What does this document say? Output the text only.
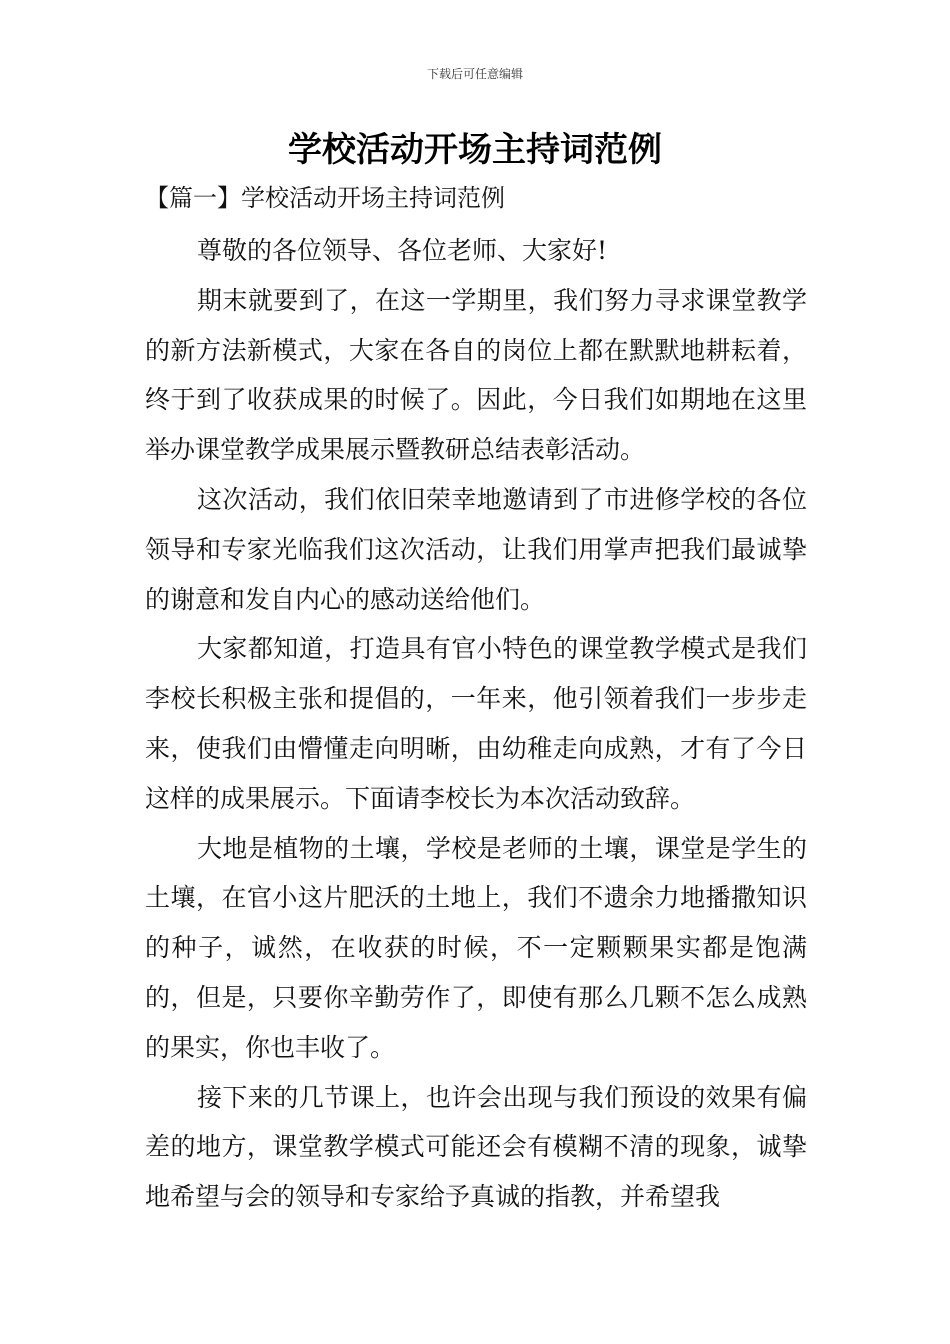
下载后可任意编辑
学校活动开场主持词范例
【篇一】学校活动开场主持词范例

尊敬的各位领导、各位老师、大家好!

期末就要到了，在这一学期里，我们努力寻求课堂教学的新方法新模式，大家在各自的岗位上都在默默地耕耘着，终于到了收获成果的时候了。因此，今日我们如期地在这里举办课堂教学成果展示暨教研总结表彰活动。

这次活动，我们依旧荣幸地邀请到了市进修学校的各位领导和专家光临我们这次活动，让我们用掌声把我们最诚挚的谢意和发自内心的感动送给他们。

大家都知道，打造具有官小特色的课堂教学模式是我们李校长积极主张和提倡的，一年来，他引领着我们一步步走来，使我们由懵懂走向明晰，由幼稚走向成熟，才有了今日这样的成果展示。下面请李校长为本次活动致辞。

大地是植物的土壤，学校是老师的土壤，课堂是学生的土壤，在官小这片肥沃的土地上，我们不遗余力地播撒知识的种子，诚然，在收获的时候，不一定颗颗果实都是饱满的，但是，只要你辛勤劳作了，即使有那么几颗不怎么成熟的果实，你也丰收了。

接下来的几节课上，也许会出现与我们预设的效果有偏差的地方，课堂教学模式可能还会有模糊不清的现象，诚挚地希望与会的领导和专家给予真诚的指教，并希望我
